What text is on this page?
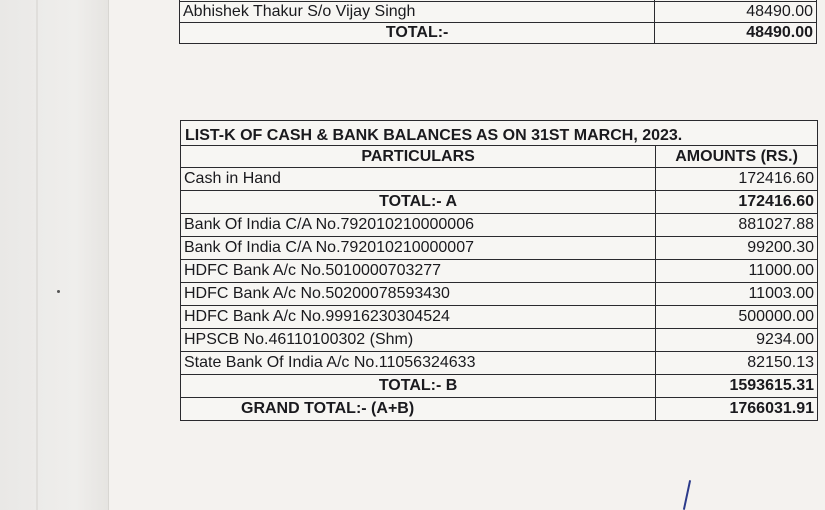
Abhishek Thakur S/o Vijay Singh	48490.00
TOTAL:-	48490.00
LIST-K OF CASH & BANK BALANCES AS ON 31ST MARCH, 2023.	
PARTICULARS	AMOUNTS (RS.)
Cash in Hand	172416.60
TOTAL:- A	172416.60
Bank Of India C/A No.792010210000006	881027.88
Bank Of India C/A No.792010210000007	99200.30
HDFC Bank A/c No.5010000703277	11000.00
HDFC Bank A/c No.50200078593430	11003.00
HDFC Bank A/c No.99916230304524	500000.00
HPSCB No.46110100302 (Shm)	9234.00
State Bank Of India A/c No.11056324633	82150.13
TOTAL:- B	1593615.31
GRAND TOTAL:- (A+B)	1766031.91
